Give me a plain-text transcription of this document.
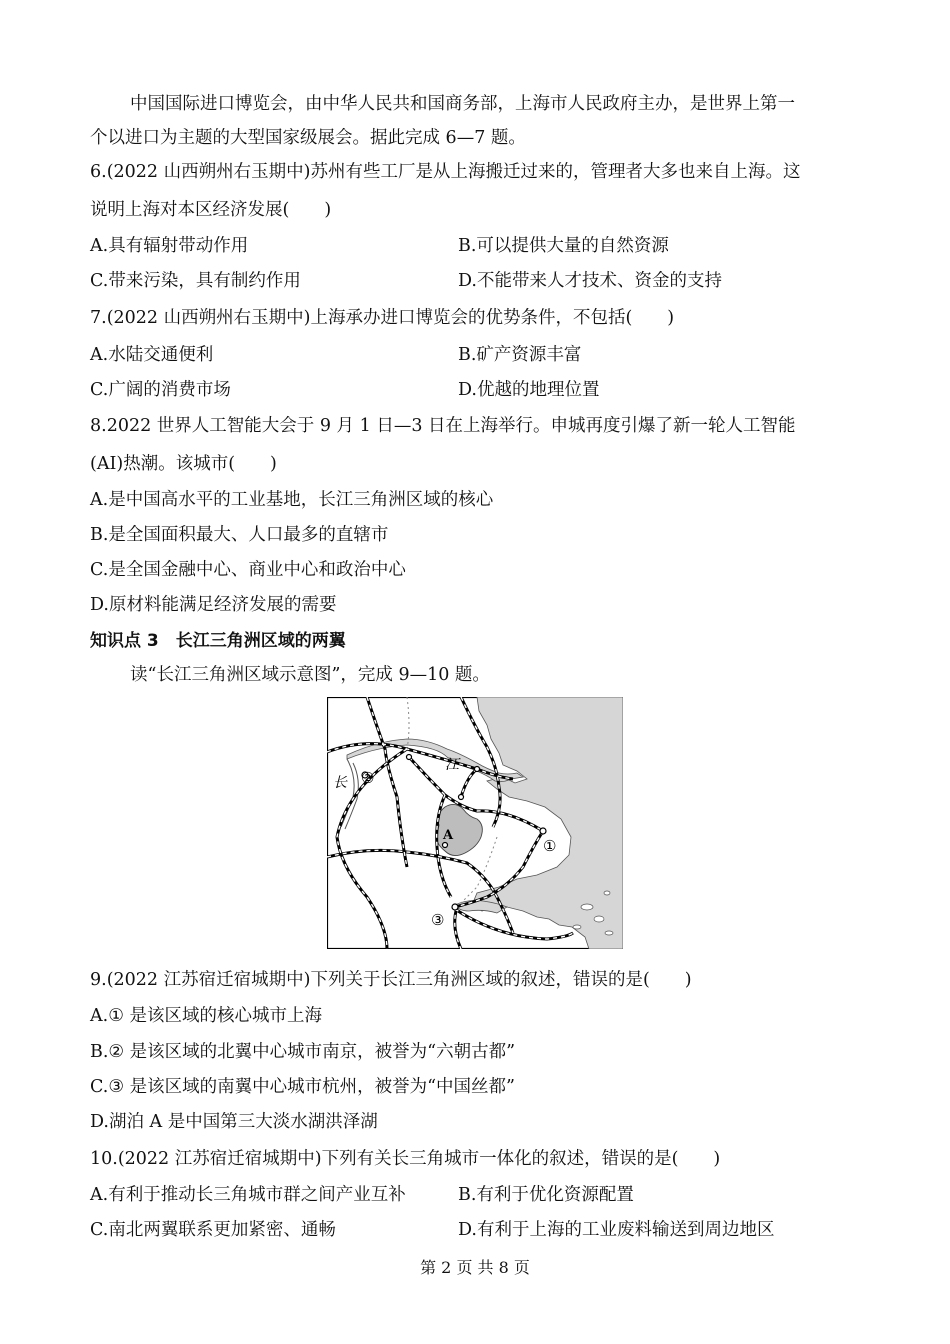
中国国际进口博览会，由中华人民共和国商务部，上海市人民政府主办，是世界上第一
个以进口为主题的大型国家级展会。据此完成 6—7 题。
6.(2022 山西朔州右玉期中)苏州有些工厂是从上海搬迁过来的，管理者大多也来自上海。这
说明上海对本区经济发展(　　)
A.具有辐射带动作用	B.可以提供大量的自然资源
C.带来污染，具有制约作用	D.不能带来人才技术、资金的支持
7.(2022 山西朔州右玉期中)上海承办进口博览会的优势条件，不包括(　　)
A.水陆交通便利	B.矿产资源丰富
C.广阔的消费市场	D.优越的地理位置
8.2022 世界人工智能大会于 9 月 1 日—3 日在上海举行。申城再度引爆了新一轮人工智能
(AI)热潮。该城市(　　)
A.是中国高水平的工业基地，长江三角洲区域的核心
B.是全国面积最大、人口最多的直辖市
C.是全国金融中心、商业中心和政治中心
D.原材料能满足经济发展的需要
知识点 3　长江三角洲区域的两翼
读“长江三角洲区域示意图”，完成 9—10 题。
长
江
A
①
②
③
9.(2022 江苏宿迁宿城期中)下列关于长江三角洲区域的叙述，错误的是(　　)
A.① 是该区域的核心城市上海
B.② 是该区域的北翼中心城市南京，被誉为“六朝古都”
C.③ 是该区域的南翼中心城市杭州，被誉为“中国丝都”
D.湖泊 A 是中国第三大淡水湖洪泽湖
10.(2022 江苏宿迁宿城期中)下列有关长三角城市一体化的叙述，错误的是(　　)
A.有利于推动长三角城市群之间产业互补	B.有利于优化资源配置
C.南北两翼联系更加紧密、通畅	D.有利于上海的工业废料输送到周边地区
第 2 页 共 8 页
